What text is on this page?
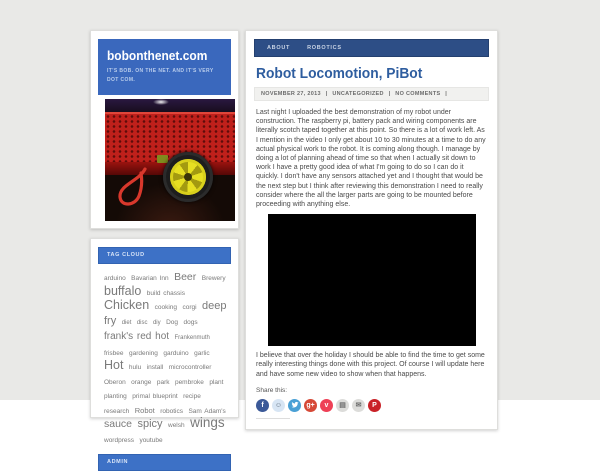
bobonthenet.com
IT'S BOB. ON THE NET. AND IT'S VERY DOT COM.
TAG CLOUD
arduino Bavarian Inn Beer Brewery buffalo build chassis Chicken cooking corgi deep fry diet disc diy Dog dogs frank's red hot Frankenmuth frisbee gardening garduino garlic Hot hulu install microcontroller Oberon orange park pembroke plant planting primal blueprint recipe research Robot robotics Sam Adam's sauce spicy welsh wings wordpress youtube
ADMIN
ABOUT	ROBOTICS
Robot Locomotion, PiBot
NOVEMBER 27, 2013 | UNCATEGORIZED | NO COMMENTS |
Last night I uploaded the best demonstration of my robot under construction. The raspberry pi, battery pack and wiring components are literally scotch taped together at this point. So there is a lot of work left. As I mention in the video I only get about 10 to 30 minutes at a time to do any actual physical work to the robot. It is coming along though. I manage by doing a lot of planning ahead of time so that when I actually sit down to work I have a pretty good idea of what I'm going to do so I can do it quickly. I don't have any sensors attached yet and I thought that would be the next step but I think after reviewing this demonstration I need to really consider where the all the larger parts are going to be mounted before proceeding with anything else.
I believe that over the holiday I should be able to find the time to get some really interesting things done with this project. Of course I will update here and have some new video to show when that happens.
Share this:
f ☺	g+ v ▤ ✉ P
